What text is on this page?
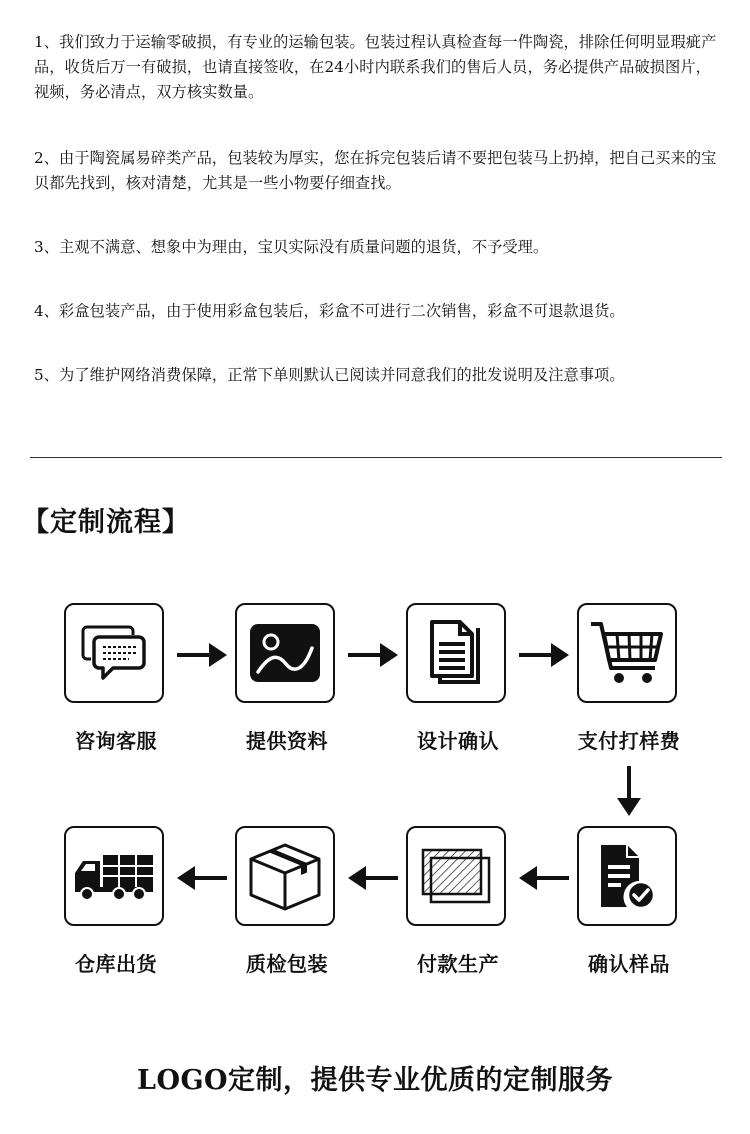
1、我们致力于运输零破损，有专业的运输包装。包装过程认真检查每一件陶瓷，排除任何明显瑕疵产品，收货后万一有破损，也请直接签收，在24小时内联系我们的售后人员，务必提供产品破损图片，视频，务必清点，双方核实数量。

2、由于陶瓷属易碎类产品，包装较为厚实，您在拆完包装后请不要把包装马上扔掉，把自己买来的宝贝都先找到，核对清楚，尤其是一些小物要仔细查找。

3、主观不满意、想象中为理由，宝贝实际没有质量问题的退货，不予受理。

4、彩盒包装产品，由于使用彩盒包装后，彩盒不可进行二次销售，彩盒不可退款退货。

5、为了维护网络消费保障，正常下单则默认已阅读并同意我们的批发说明及注意事项。

【定制流程】
咨询客服	提供资料	设计确认	支付打样费
确认样品
付款生产
质检包装
仓库出货
LOGO定制，提供专业优质的定制服务
